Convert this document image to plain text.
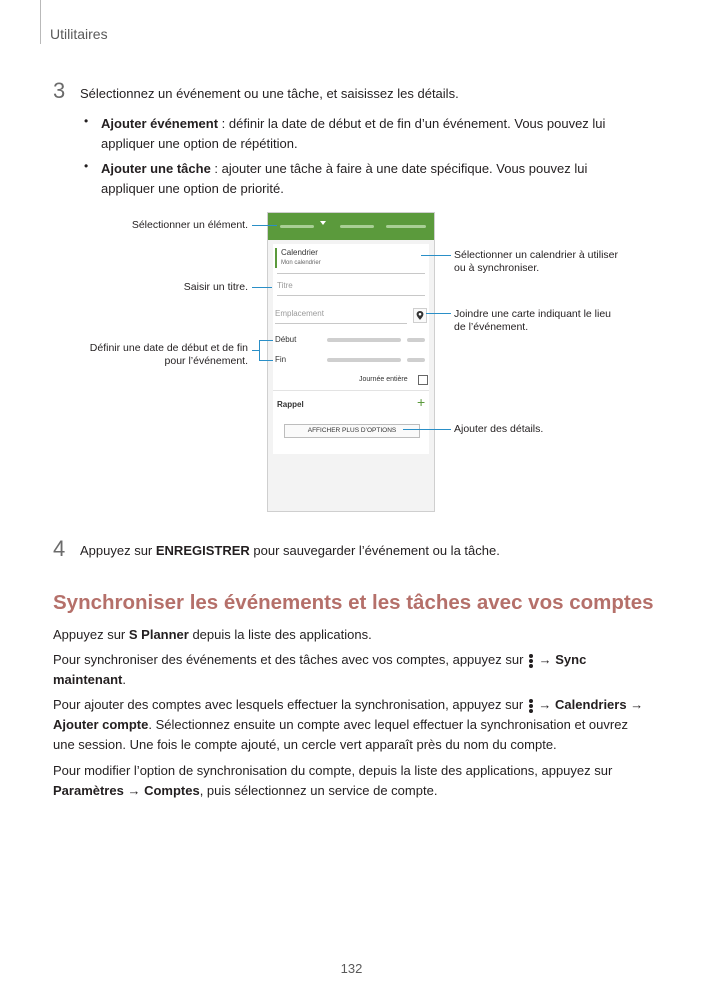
Utilitaires
3 Sélectionnez un événement ou une tâche, et saisissez les détails.
• Ajouter événement : définir la date de début et de fin d’un événement. Vous pouvez lui
appliquer une option de répétition.
• Ajouter une tâche : ajouter une tâche à faire à une date spécifique. Vous pouvez lui
appliquer une option de priorité.
Calendrier
Mon calendrier
Titre
Emplacement
Début
Fin
Journée entière
Rappel	+
AFFICHER PLUS D’OPTIONS
Sélectionner un élément.
Saisir un titre.
Définir une date de début et de fin
pour l’événement.
Sélectionner un calendrier à utiliser
ou à synchroniser.
Joindre une carte indiquant le lieu
de l’événement.
Ajouter des détails.
4 Appuyez sur ENREGISTRER pour sauvegarder l’événement ou la tâche.
Synchroniser les événements et les tâches avec vos comptes
Appuyez sur S Planner depuis la liste des applications.
Pour synchroniser des événements et des tâches avec vos comptes, appuyez sur
→ Sync
maintenant.
Pour ajouter des comptes avec lesquels effectuer la synchronisation, appuyez sur
→ Calendriers →
Ajouter compte. Sélectionnez ensuite un compte avec lequel effectuer la synchronisation et ouvrez
une session. Une fois le compte ajouté, un cercle vert apparaît près du nom du compte.
Pour modifier l’option de synchronisation du compte, depuis la liste des applications, appuyez sur
Paramètres → Comptes, puis sélectionnez un service de compte.
132
